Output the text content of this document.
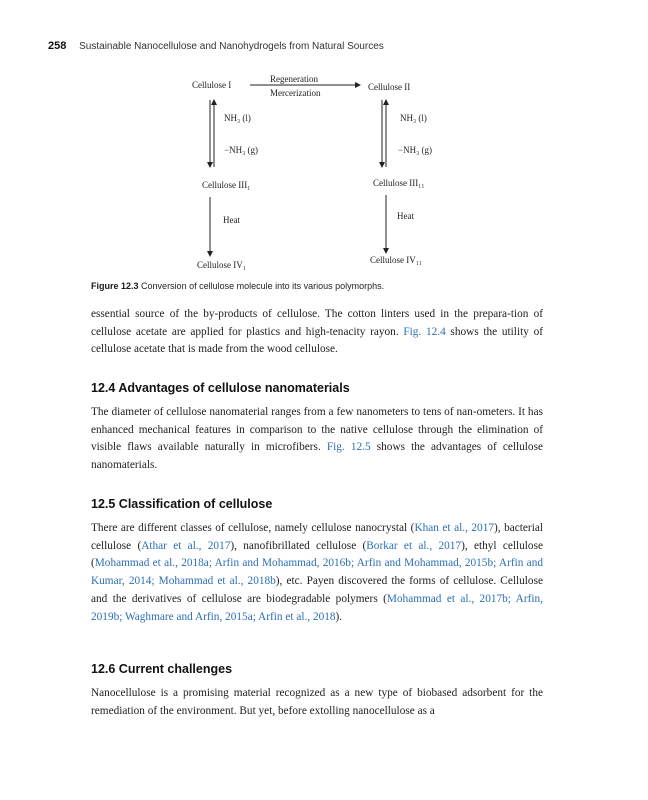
258 Sustainable Nanocellulose and Nanohydrogels from Natural Sources
Cellulose I
Regeneration
Mercerization
Cellulose II
NH₃ (l)
−NH₃ (g)
NH₃ (l)
−NH₃ (g)
Cellulose III₁	Cellulose III₁₁
Heat	Heat
Cellulose IV₁	Cellulose IV₁₁
Figure 12.3 Conversion of cellulose molecule into its various polymorphs.
essential source of the by-products of cellulose. The cotton linters used in the prepara-tion of cellulose acetate are applied for plastics and high-tenacity rayon. Fig. 12.4 shows the utility of cellulose acetate that is made from the wood cellulose.
12.4 Advantages of cellulose nanomaterials
The diameter of cellulose nanomaterial ranges from a few nanometers to tens of nan-ometers. It has enhanced mechanical features in comparison to the native cellulose through the elimination of visible flaws available naturally in microfibers. Fig. 12.5 shows the advantages of cellulose nanomaterials.
12.5 Classification of cellulose
There are different classes of cellulose, namely cellulose nanocrystal (Khan et al., 2017), bacterial cellulose (Athar et al., 2017), nanofibrillated cellulose (Borkar et al., 2017), ethyl cellulose (Mohammad et al., 2018a; Arfin and Mohammad, 2016b; Arfin and Mohammad, 2015b; Arfin and Kumar, 2014; Mohammad et al., 2018b), etc. Payen discovered the forms of cellulose. Cellulose and the derivatives of cellulose are biodegradable polymers (Mohammad et al., 2017b; Arfin, 2019b; Waghmare and Arfin, 2015a; Arfin et al., 2018).
12.6 Current challenges
Nanocellulose is a promising material recognized as a new type of biobased adsorbent for the remediation of the environment. But yet, before extolling nanocellulose as a
